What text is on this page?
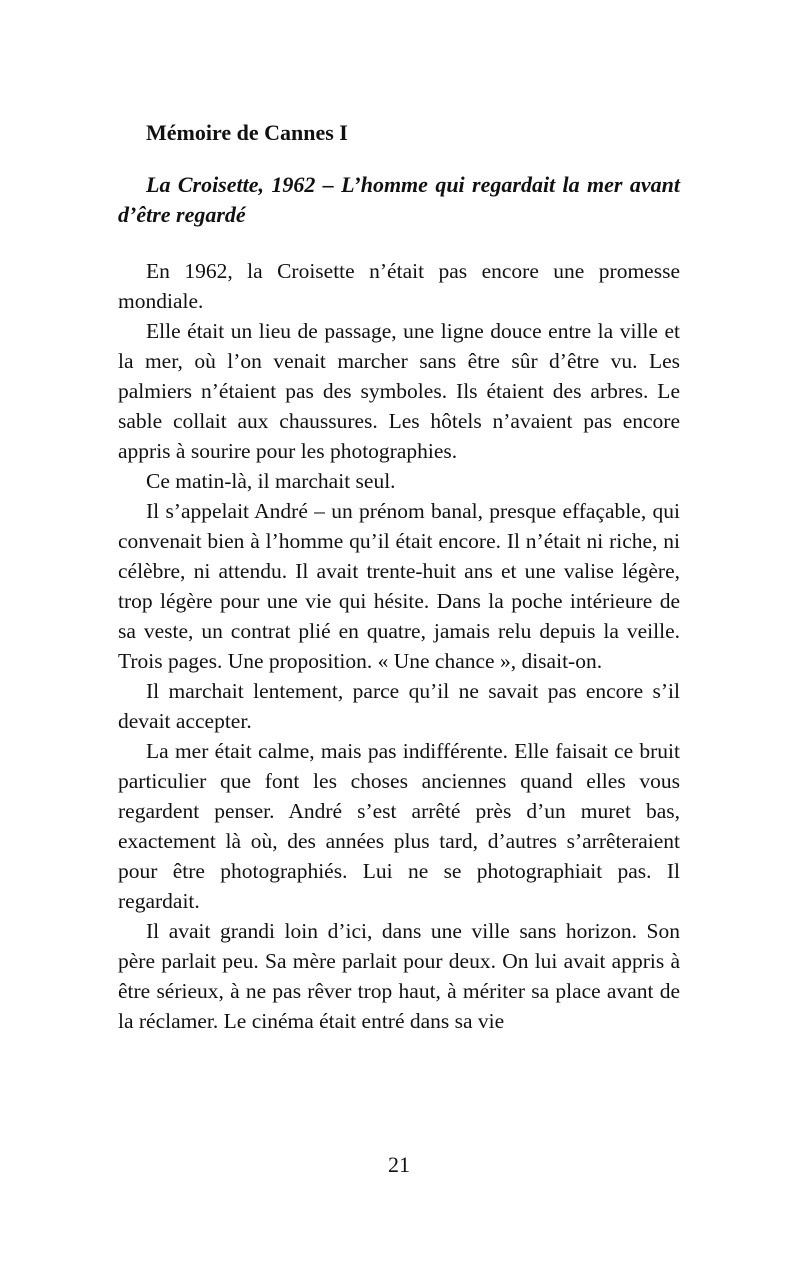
Mémoire de Cannes I
La Croisette, 1962 – L’homme qui regardait la mer avant d’être regardé

En 1962, la Croisette n’était pas encore une promesse mondiale.

Elle était un lieu de passage, une ligne douce entre la ville et la mer, où l’on venait marcher sans être sûr d’être vu. Les palmiers n’étaient pas des symboles. Ils étaient des arbres. Le sable collait aux chaussures. Les hôtels n’avaient pas encore appris à sourire pour les photographies.

Ce matin-là, il marchait seul.

Il s’appelait André – un prénom banal, presque effaçable, qui convenait bien à l’homme qu’il était encore. Il n’était ni riche, ni célèbre, ni attendu. Il avait trente-huit ans et une valise légère, trop légère pour une vie qui hésite. Dans la poche intérieure de sa veste, un contrat plié en quatre, jamais relu depuis la veille. Trois pages. Une proposition. « Une chance », disait-on.

Il marchait lentement, parce qu’il ne savait pas encore s’il devait accepter.

La mer était calme, mais pas indifférente. Elle faisait ce bruit particulier que font les choses anciennes quand elles vous regardent penser. André s’est arrêté près d’un muret bas, exactement là où, des années plus tard, d’autres s’arrêteraient pour être photographiés. Lui ne se photographiait pas. Il regardait.

Il avait grandi loin d’ici, dans une ville sans horizon. Son père parlait peu. Sa mère parlait pour deux. On lui avait appris à être sérieux, à ne pas rêver trop haut, à mériter sa place avant de la réclamer. Le cinéma était entré dans sa vie

21
